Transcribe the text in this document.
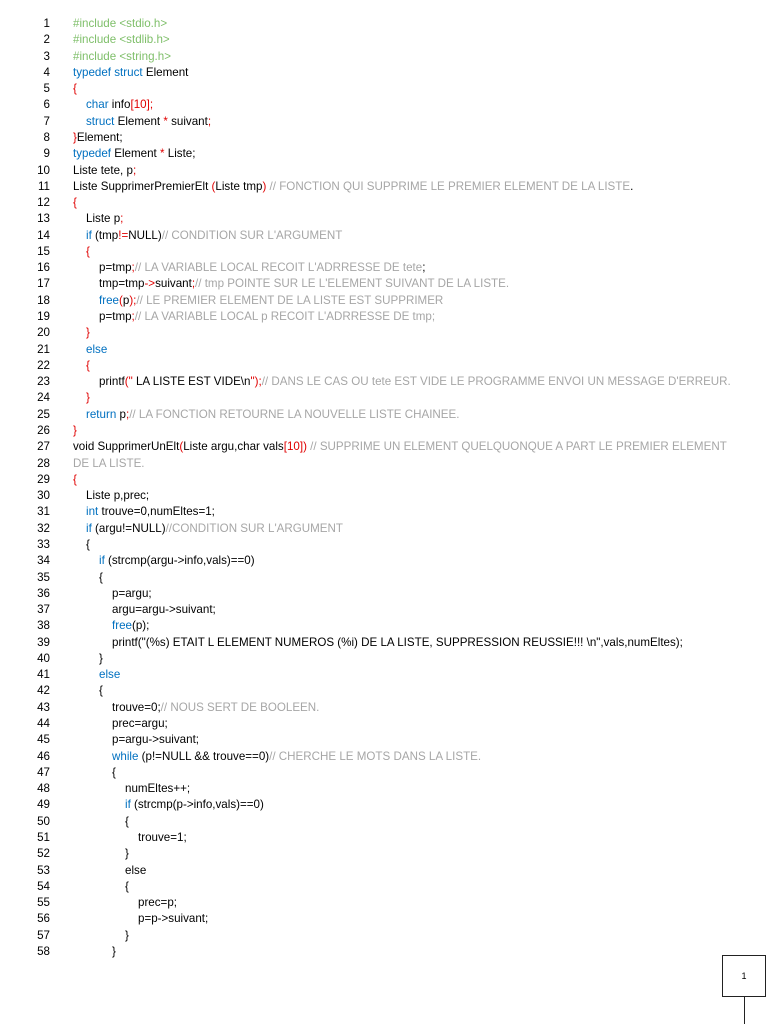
1 #include <stdio.h>
2 #include <stdlib.h>
3 #include <string.h>
4 typedef struct Element
5 {
6	char info[10];
7	struct Element * suivant;
8 }Element;
9 typedef Element * Liste;
10 Liste tete, p;
11 Liste SupprimerPremierElt (Liste tmp) // FONCTION QUI SUPPRIME LE PREMIER ELEMENT DE LA LISTE.
12 {
13	Liste p;
14	if (tmp!=NULL)// CONDITION SUR L'ARGUMENT
15	{
16	p=tmp;// LA VARIABLE LOCAL RECOIT L'ADRRESSE DE tete;
17	tmp=tmp->suivant;// tmp POINTE SUR LE L'ELEMENT SUIVANT DE LA LISTE.
18	free(p);// LE PREMIER ELEMENT DE LA LISTE EST SUPPRIMER
19	p=tmp;// LA VARIABLE LOCAL p RECOIT L'ADRRESSE DE tmp;
20	}
21	else
22	{
23	printf(" LA LISTE EST VIDE\n");// DANS LE CAS OU tete EST VIDE LE PROGRAMME ENVOI UN MESSAGE D'ERREUR.
24	}
25	return p;// LA FONCTION RETOURNE LA NOUVELLE LISTE CHAINEE.
26 }
27 void SupprimerUnElt(Liste argu,char vals[10]) // SUPPRIME UN ELEMENT QUELQUONQUE A PART LE PREMIER ELEMENT
28 DE LA LISTE.
29 {
30	Liste p,prec;
31	int trouve=0,numEltes=1;
32	if (argu!=NULL)//CONDITION SUR L'ARGUMENT
33	{
34	if (strcmp(argu->info,vals)==0)
35	{
36	p=argu;
37	argu=argu->suivant;
38	free(p);
39	printf("(%s) ETAIT L ELEMENT NUMEROS (%i) DE LA LISTE, SUPPRESSION REUSSIE!!! \n",vals,numEltes);
40	}
41	else
42	{
43	trouve=0;// NOUS SERT DE BOOLEEN.
44	prec=argu;
45	p=argu->suivant;
46	while (p!=NULL && trouve==0)// CHERCHE LE MOTS DANS LA LISTE.
47	{
48	numEltes++;
49	if (strcmp(p->info,vals)==0)
50	{
51	trouve=1;
52	}
53	else
54	{
55	prec=p;
56	p=p->suivant;
57	}
58	}
1
